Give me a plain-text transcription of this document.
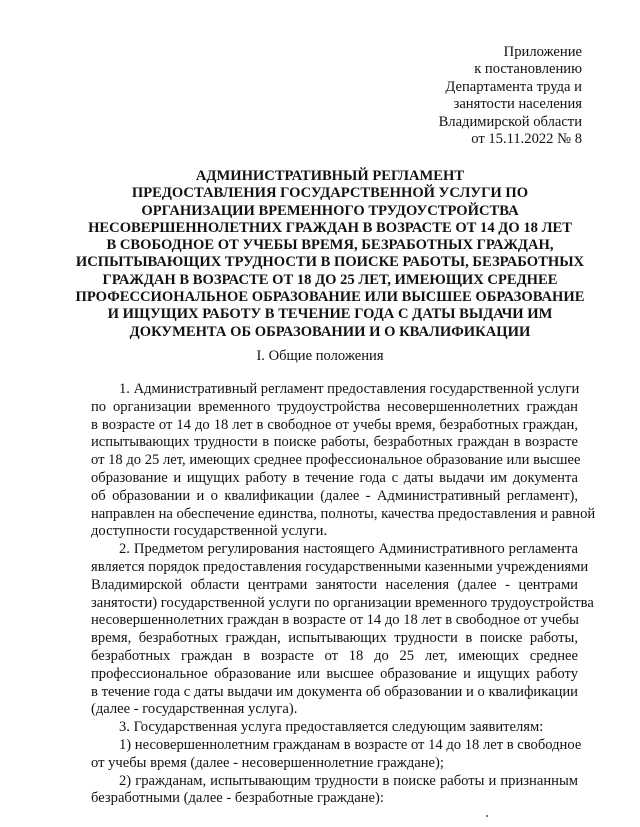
Приложение
к постановлению
Департамента труда и
занятости населения
Владимирской области
от 15.11.2022 № 8
АДМИНИСТРАТИВНЫЙ РЕГЛАМЕНТ
ПРЕДОСТАВЛЕНИЯ ГОСУДАРСТВЕННОЙ УСЛУГИ ПО
ОРГАНИЗАЦИИ ВРЕМЕННОГО ТРУДОУСТРОЙСТВА
НЕСОВЕРШЕННОЛЕТНИХ ГРАЖДАН В ВОЗРАСТЕ ОТ 14 ДО 18 ЛЕТ
В СВОБОДНОЕ ОТ УЧЕБЫ ВРЕМЯ, БЕЗРАБОТНЫХ ГРАЖДАН,
ИСПЫТЫВАЮЩИХ ТРУДНОСТИ В ПОИСКЕ РАБОТЫ, БЕЗРАБОТНЫХ
ГРАЖДАН В ВОЗРАСТЕ ОТ 18 ДО 25 ЛЕТ, ИМЕЮЩИХ СРЕДНЕЕ
ПРОФЕССИОНАЛЬНОЕ ОБРАЗОВАНИЕ ИЛИ ВЫСШЕЕ ОБРАЗОВАНИЕ
И ИЩУЩИХ РАБОТУ В ТЕЧЕНИЕ ГОДА С ДАТЫ ВЫДАЧИ ИМ
ДОКУМЕНТА ОБ ОБРАЗОВАНИИ И О КВАЛИФИКАЦИИ
I. Общие положения
1. Административный регламент предоставления государственной услуги
по организации временного трудоустройства несовершеннолетних граждан
в возрасте от 14 до 18 лет в свободное от учебы время, безработных граждан,
испытывающих трудности в поиске работы, безработных граждан в возрасте
от 18 до 25 лет, имеющих среднее профессиональное образование или высшее
образование и ищущих работу в течение года с даты выдачи им документа
об образовании и о квалификации (далее - Административный регламент),
направлен на обеспечение единства, полноты, качества предоставления и равной
доступности государственной услуги.
2. Предметом регулирования настоящего Административного регламента
является порядок предоставления государственными казенными учреждениями
Владимирской области центрами занятости населения (далее - центрами
занятости) государственной услуги по организации временного трудоустройства
несовершеннолетних граждан в возрасте от 14 до 18 лет в свободное от учебы
время, безработных граждан, испытывающих трудности в поиске работы,
безработных граждан в возрасте от 18 до 25 лет, имеющих среднее
профессиональное образование или высшее образование и ищущих работу
в течение года с даты выдачи им документа об образовании и о квалификации
(далее - государственная услуга).
3. Государственная услуга предоставляется следующим заявителям:
1) несовершеннолетним гражданам в возрасте от 14 до 18 лет в свободное
от учебы время (далее - несовершеннолетние граждане);
2) гражданам, испытывающим трудности в поиске работы и признанным
безработными (далее - безработные граждане):
